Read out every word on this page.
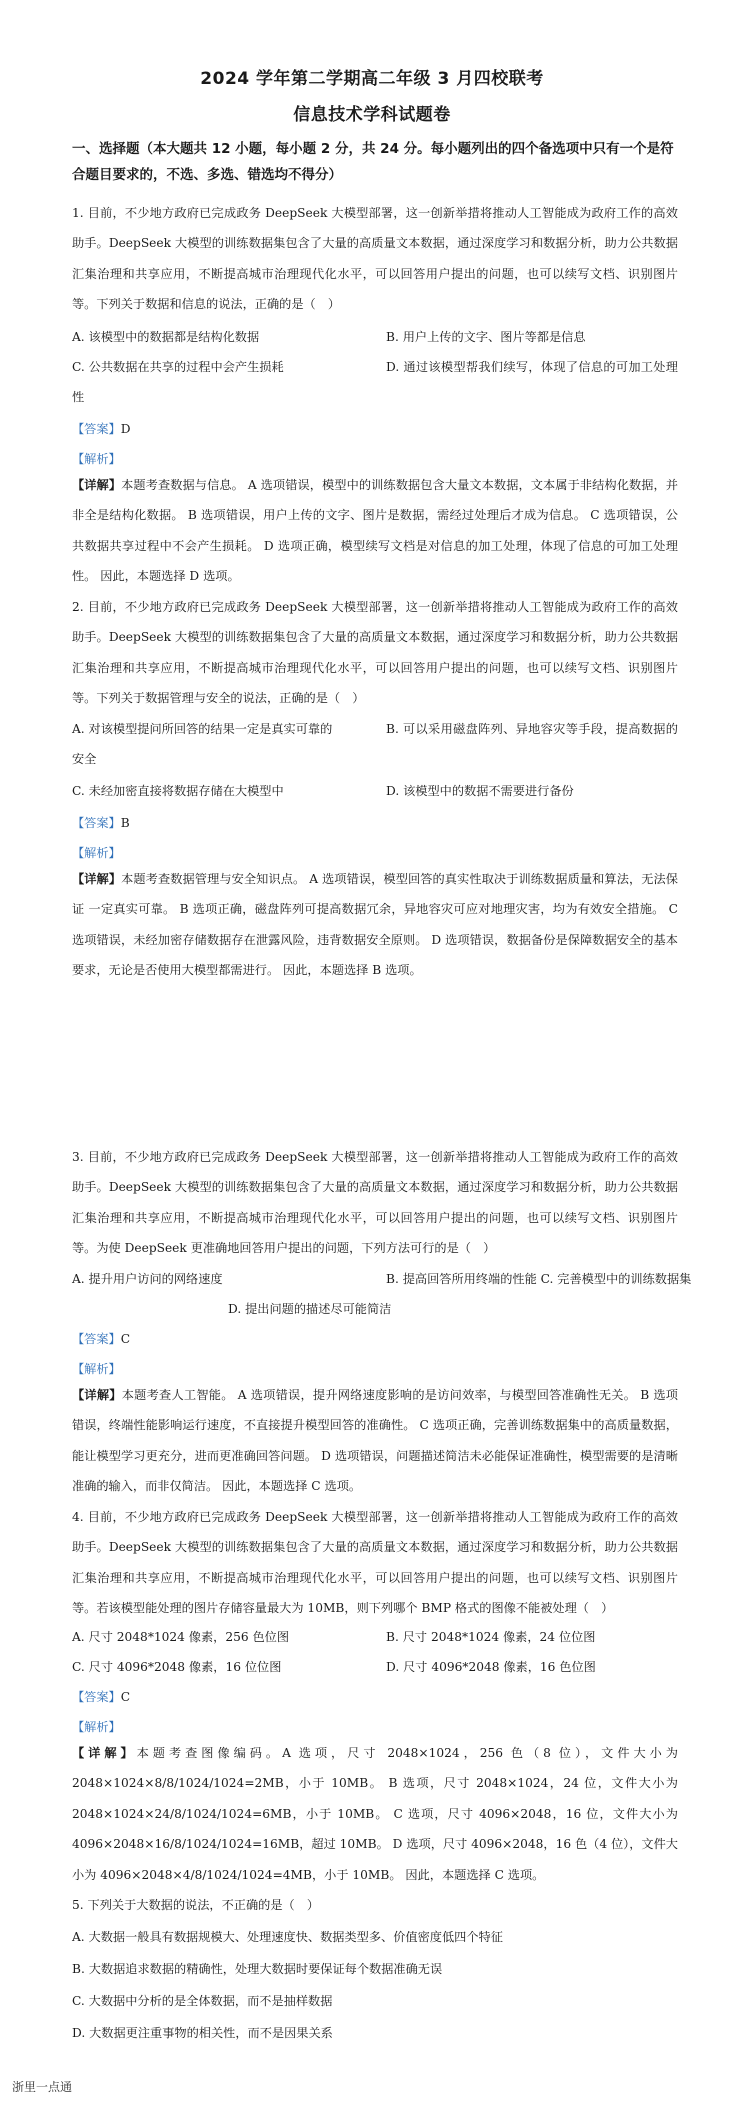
2024 学年第二学期高二年级 3 月四校联考
信息技术学科试题卷
一、选择题（本大题共 12 小题，每小题 2 分，共 24 分。每小题列出的四个备选项中只有一个是符合题目要求的，不选、多选、错选均不得分）
1. 目前，不少地方政府已完成政务 DeepSeek 大模型部署，这一创新举措将推动人工智能成为政府工作的高效助手。DeepSeek 大模型的训练数据集包含了大量的高质量文本数据，通过深度学习和数据分析，助力公共数据汇集治理和共享应用，不断提高城市治理现代化水平，可以回答用户提出的问题，也可以续写文档、识别图片等。下列关于数据和信息的说法，正确的是（　）
A. 该模型中的数据都是结构化数据	B. 用户上传的文字、图片等都是信息
C. 公共数据在共享的过程中会产生损耗	D. 通过该模型帮我们续写，体现了信息的可加工处理性
【答案】D
【解析】
【详解】本题考查数据与信息。 A 选项错误，模型中的训练数据包含大量文本数据，文本属于非结构化数据，并非全是结构化数据。 B 选项错误，用户上传的文字、图片是数据，需经过处理后才成为信息。 C 选项错误，公共数据共享过程中不会产生损耗。 D 选项正确，模型续写文档是对信息的加工处理，体现了信息的可加工处理性。 因此，本题选择 D 选项。
2. 目前，不少地方政府已完成政务 DeepSeek 大模型部署，这一创新举措将推动人工智能成为政府工作的高效助手。DeepSeek 大模型的训练数据集包含了大量的高质量文本数据，通过深度学习和数据分析，助力公共数据汇集治理和共享应用，不断提高城市治理现代化水平，可以回答用户提出的问题，也可以续写文档、识别图片等。下列关于数据管理与安全的说法，正确的是（　）
A. 对该模型提问所回答的结果一定是真实可靠的	B. 可以采用磁盘阵列、异地容灾等手段，提高数据的安全
C. 未经加密直接将数据存储在大模型中	D. 该模型中的数据不需要进行备份
【答案】B
【解析】
【详解】本题考查数据管理与安全知识点。 A 选项错误，模型回答的真实性取决于训练数据质量和算法，无法保证 一定真实可靠。 B 选项正确，磁盘阵列可提高数据冗余，异地容灾可应对地理灾害，均为有效安全措施。 C 选项错误，未经加密存储数据存在泄露风险，违背数据安全原则。 D 选项错误，数据备份是保障数据安全的基本要求，无论是否使用大模型都需进行。 因此，本题选择 B 选项。
3. 目前，不少地方政府已完成政务 DeepSeek 大模型部署，这一创新举措将推动人工智能成为政府工作的高效助手。DeepSeek 大模型的训练数据集包含了大量的高质量文本数据，通过深度学习和数据分析，助力公共数据汇集治理和共享应用，不断提高城市治理现代化水平，可以回答用户提出的问题，也可以续写文档、识别图片等。为使 DeepSeek 更准确地回答用户提出的问题，下列方法可行的是（　）
A. 提升用户访问的网络速度	B. 提高回答所用终端的性能 C. 完善模型中的训练数据集
D. 提出问题的描述尽可能简洁
【答案】C
【解析】
【详解】本题考查人工智能。 A 选项错误，提升网络速度影响的是访问效率，与模型回答准确性无关。 B 选项错误，终端性能影响运行速度，不直接提升模型回答的准确性。 C 选项正确，完善训练数据集中的高质量数据，能让模型学习更充分，进而更准确回答问题。 D 选项错误，问题描述简洁未必能保证准确性，模型需要的是清晰准确的输入，而非仅简洁。 因此，本题选择 C 选项。
4. 目前，不少地方政府已完成政务 DeepSeek 大模型部署，这一创新举措将推动人工智能成为政府工作的高效助手。DeepSeek 大模型的训练数据集包含了大量的高质量文本数据，通过深度学习和数据分析，助力公共数据汇集治理和共享应用，不断提高城市治理现代化水平，可以回答用户提出的问题，也可以续写文档、识别图片等。若该模型能处理的图片存储容量最大为 10MB，则下列哪个 BMP 格式的图像不能被处理（　）
A. 尺寸 2048*1024 像素，256 色位图	B. 尺寸 2048*1024 像素，24 位位图
C. 尺寸 4096*2048 像素，16 位位图	D. 尺寸 4096*2048 像素，16 色位图
【答案】C
【解析】
【详解】本题考查图像编码。A 选项，尺寸 2048×1024，256 色（8 位），文件大小为 2048×1024×8/8/1024/1024=2MB，小于 10MB。 B 选项，尺寸 2048×1024，24 位，文件大小为 2048×1024×24/8/1024/1024=6MB，小于 10MB。 C 选项，尺寸 4096×2048，16 位，文件大小为 4096×2048×16/8/1024/1024=16MB，超过 10MB。 D 选项，尺寸 4096×2048，16 色（4 位），文件大小为 4096×2048×4/8/1024/1024=4MB，小于 10MB。 因此，本题选择 C 选项。
5. 下列关于大数据的说法，不正确的是（　）
A. 大数据一般具有数据规模大、处理速度快、数据类型多、价值密度低四个特征
B. 大数据追求数据的精确性，处理大数据时要保证每个数据准确无误
C. 大数据中分析的是全体数据，而不是抽样数据
D. 大数据更注重事物的相关性，而不是因果关系
浙里一点通
